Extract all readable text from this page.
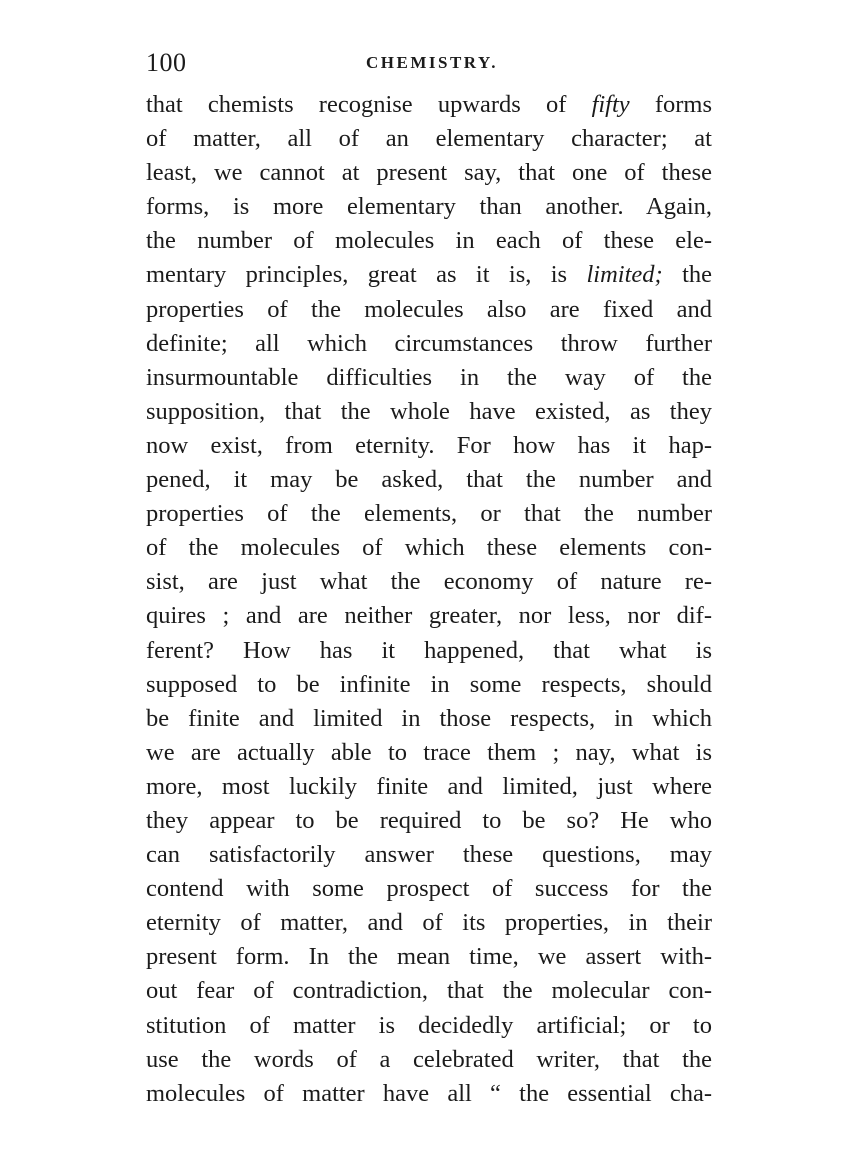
100	CHEMISTRY.
that chemists recognise upwards of fifty forms
of matter, all of an elementary character; at
least, we cannot at present say, that one of these
forms, is more elementary than another. Again,
the number of molecules in each of these ele-
mentary principles, great as it is, is limited; the
properties of the molecules also are fixed and
definite; all which circumstances throw further
insurmountable difficulties in the way of the
supposition, that the whole have existed, as they
now exist, from eternity. For how has it hap-
pened, it may be asked, that the number and
properties of the elements, or that the number
of the molecules of which these elements con-
sist, are just what the economy of nature re-
quires ; and are neither greater, nor less, nor dif-
ferent? How has it happened, that what is
supposed to be infinite in some respects, should
be finite and limited in those respects, in which
we are actually able to trace them ; nay, what is
more, most luckily finite and limited, just where
they appear to be required to be so? He who
can satisfactorily answer these questions, may
contend with some prospect of success for the
eternity of matter, and of its properties, in their
present form. In the mean time, we assert with-
out fear of contradiction, that the molecular con-
stitution of matter is decidedly artificial; or to
use the words of a celebrated writer, that the
molecules of matter have all “ the essential cha-
